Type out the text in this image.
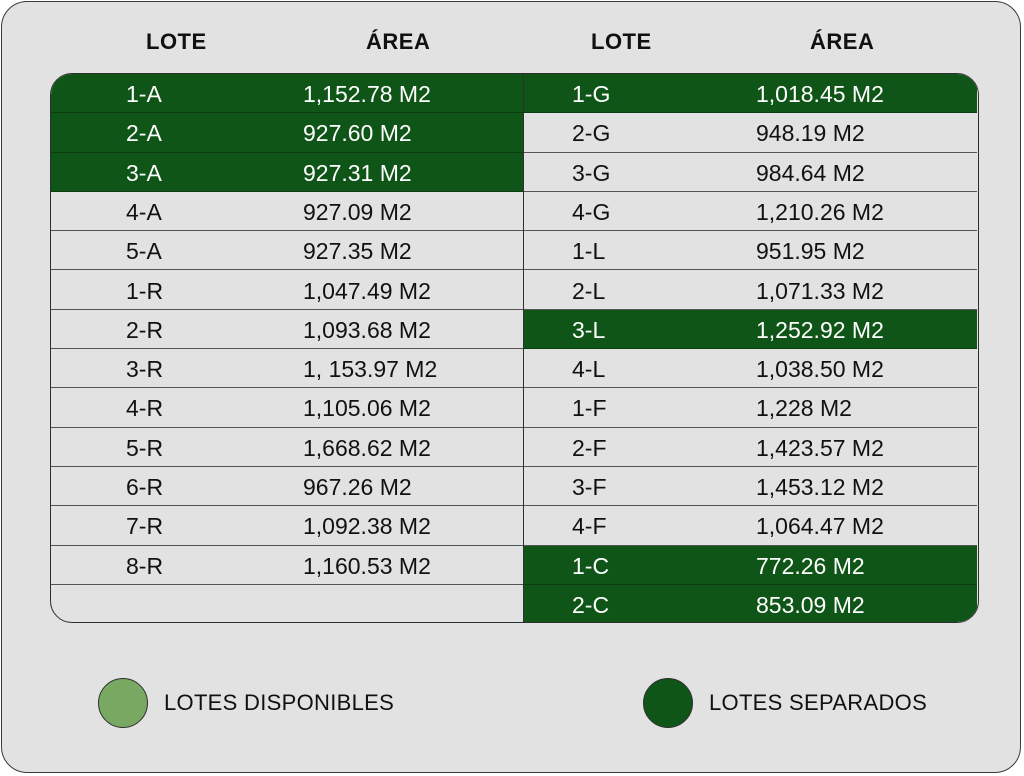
LOTE	ÁREA	LOTE	ÁREA
1-A	1,152.78 M2
2-A	927.60 M2
3-A	927.31 M2
4-A	927.09 M2
5-A	927.35 M2
1-R	1,047.49 M2
2-R	1,093.68 M2
3-R	1, 153.97 M2
4-R	1,105.06 M2
5-R	1,668.62 M2
6-R	967.26 M2
7-R	1,092.38 M2
8-R	1,160.53 M2
1-G	1,018.45 M2
2-G	948.19 M2
3-G	984.64 M2
4-G	1,210.26 M2
1-L	951.95 M2
2-L	1,071.33 M2
3-L	1,252.92 M2
4-L	1,038.50 M2
1-F	1,228 M2
2-F	1,423.57 M2
3-F	1,453.12 M2
4-F	1,064.47 M2
1-C	772.26 M2
2-C	853.09 M2
LOTES DISPONIBLES	LOTES SEPARADOS
